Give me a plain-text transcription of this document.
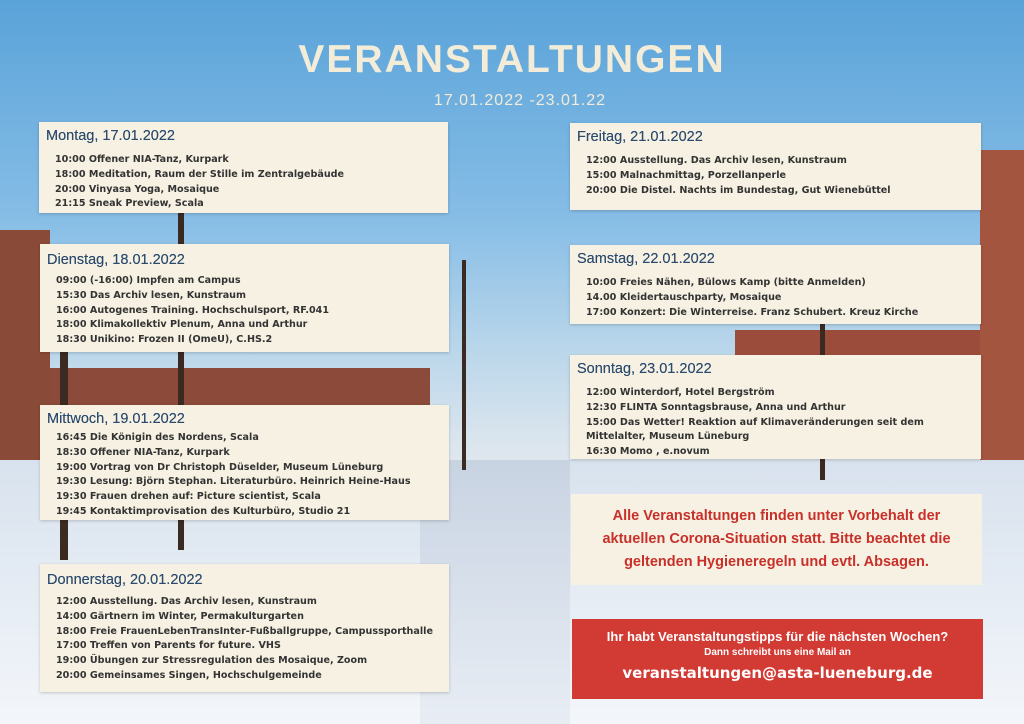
VERANSTALTUNGEN
17.01.2022 -23.01.22
Montag, 17.01.2022
10:00 Offener NIA-Tanz, Kurpark
18:00 Meditation, Raum der Stille im Zentralgebäude
20:00 Vinyasa Yoga, Mosaique
21:15 Sneak Preview, Scala
Dienstag, 18.01.2022
09:00 (-16:00) Impfen am Campus
15:30 Das Archiv lesen, Kunstraum
16:00 Autogenes Training. Hochschulsport, RF.041
18:00 Klimakollektiv Plenum, Anna und Arthur
18:30 Unikino: Frozen II (OmeU), C.HS.2
Mittwoch, 19.01.2022
16:45 Die Königin des Nordens, Scala
18:30 Offener NIA-Tanz, Kurpark
19:00 Vortrag von Dr Christoph Düselder, Museum Lüneburg
19:30 Lesung: Björn Stephan. Literaturbüro. Heinrich Heine-Haus
19:30 Frauen drehen auf: Picture scientist, Scala
19:45 Kontaktimprovisation des Kulturbüro, Studio 21
Donnerstag, 20.01.2022
12:00 Ausstellung. Das Archiv lesen, Kunstraum
14:00 Gärtnern im Winter, Permakulturgarten
18:00 Freie FrauenLebenTransInter-Fußballgruppe, Campussporthalle
17:00 Treffen von Parents for future. VHS
19:00 Übungen zur Stressregulation des Mosaique, Zoom
20:00 Gemeinsames Singen, Hochschulgemeinde
Freitag, 21.01.2022
12:00 Ausstellung. Das Archiv lesen, Kunstraum
15:00 Malnachmittag, Porzellanperle
20:00 Die Distel. Nachts im Bundestag, Gut Wienebüttel
Samstag, 22.01.2022
10:00 Freies Nähen, Bülows Kamp (bitte Anmelden)
14.00 Kleidertauschparty, Mosaique
17:00 Konzert: Die Winterreise. Franz Schubert. Kreuz Kirche
Sonntag, 23.01.2022
12:00 Winterdorf, Hotel Bergström
12:30 FLINTA Sonntagsbrause, Anna und Arthur
15:00 Das Wetter! Reaktion auf Klimaveränderungen seit dem Mittelalter, Museum Lüneburg
16:30 Momo , e.novum

Alle Veranstaltungen finden unter Vorbehalt der

aktuellen Corona-Situation statt. Bitte beachtet die

geltenden Hygieneregeln und evtl. Absagen.

Ihr habt Veranstaltungstipps für die nächsten Wochen?
Dann schreibt uns eine Mail an
veranstaltungen@asta-lueneburg.de
